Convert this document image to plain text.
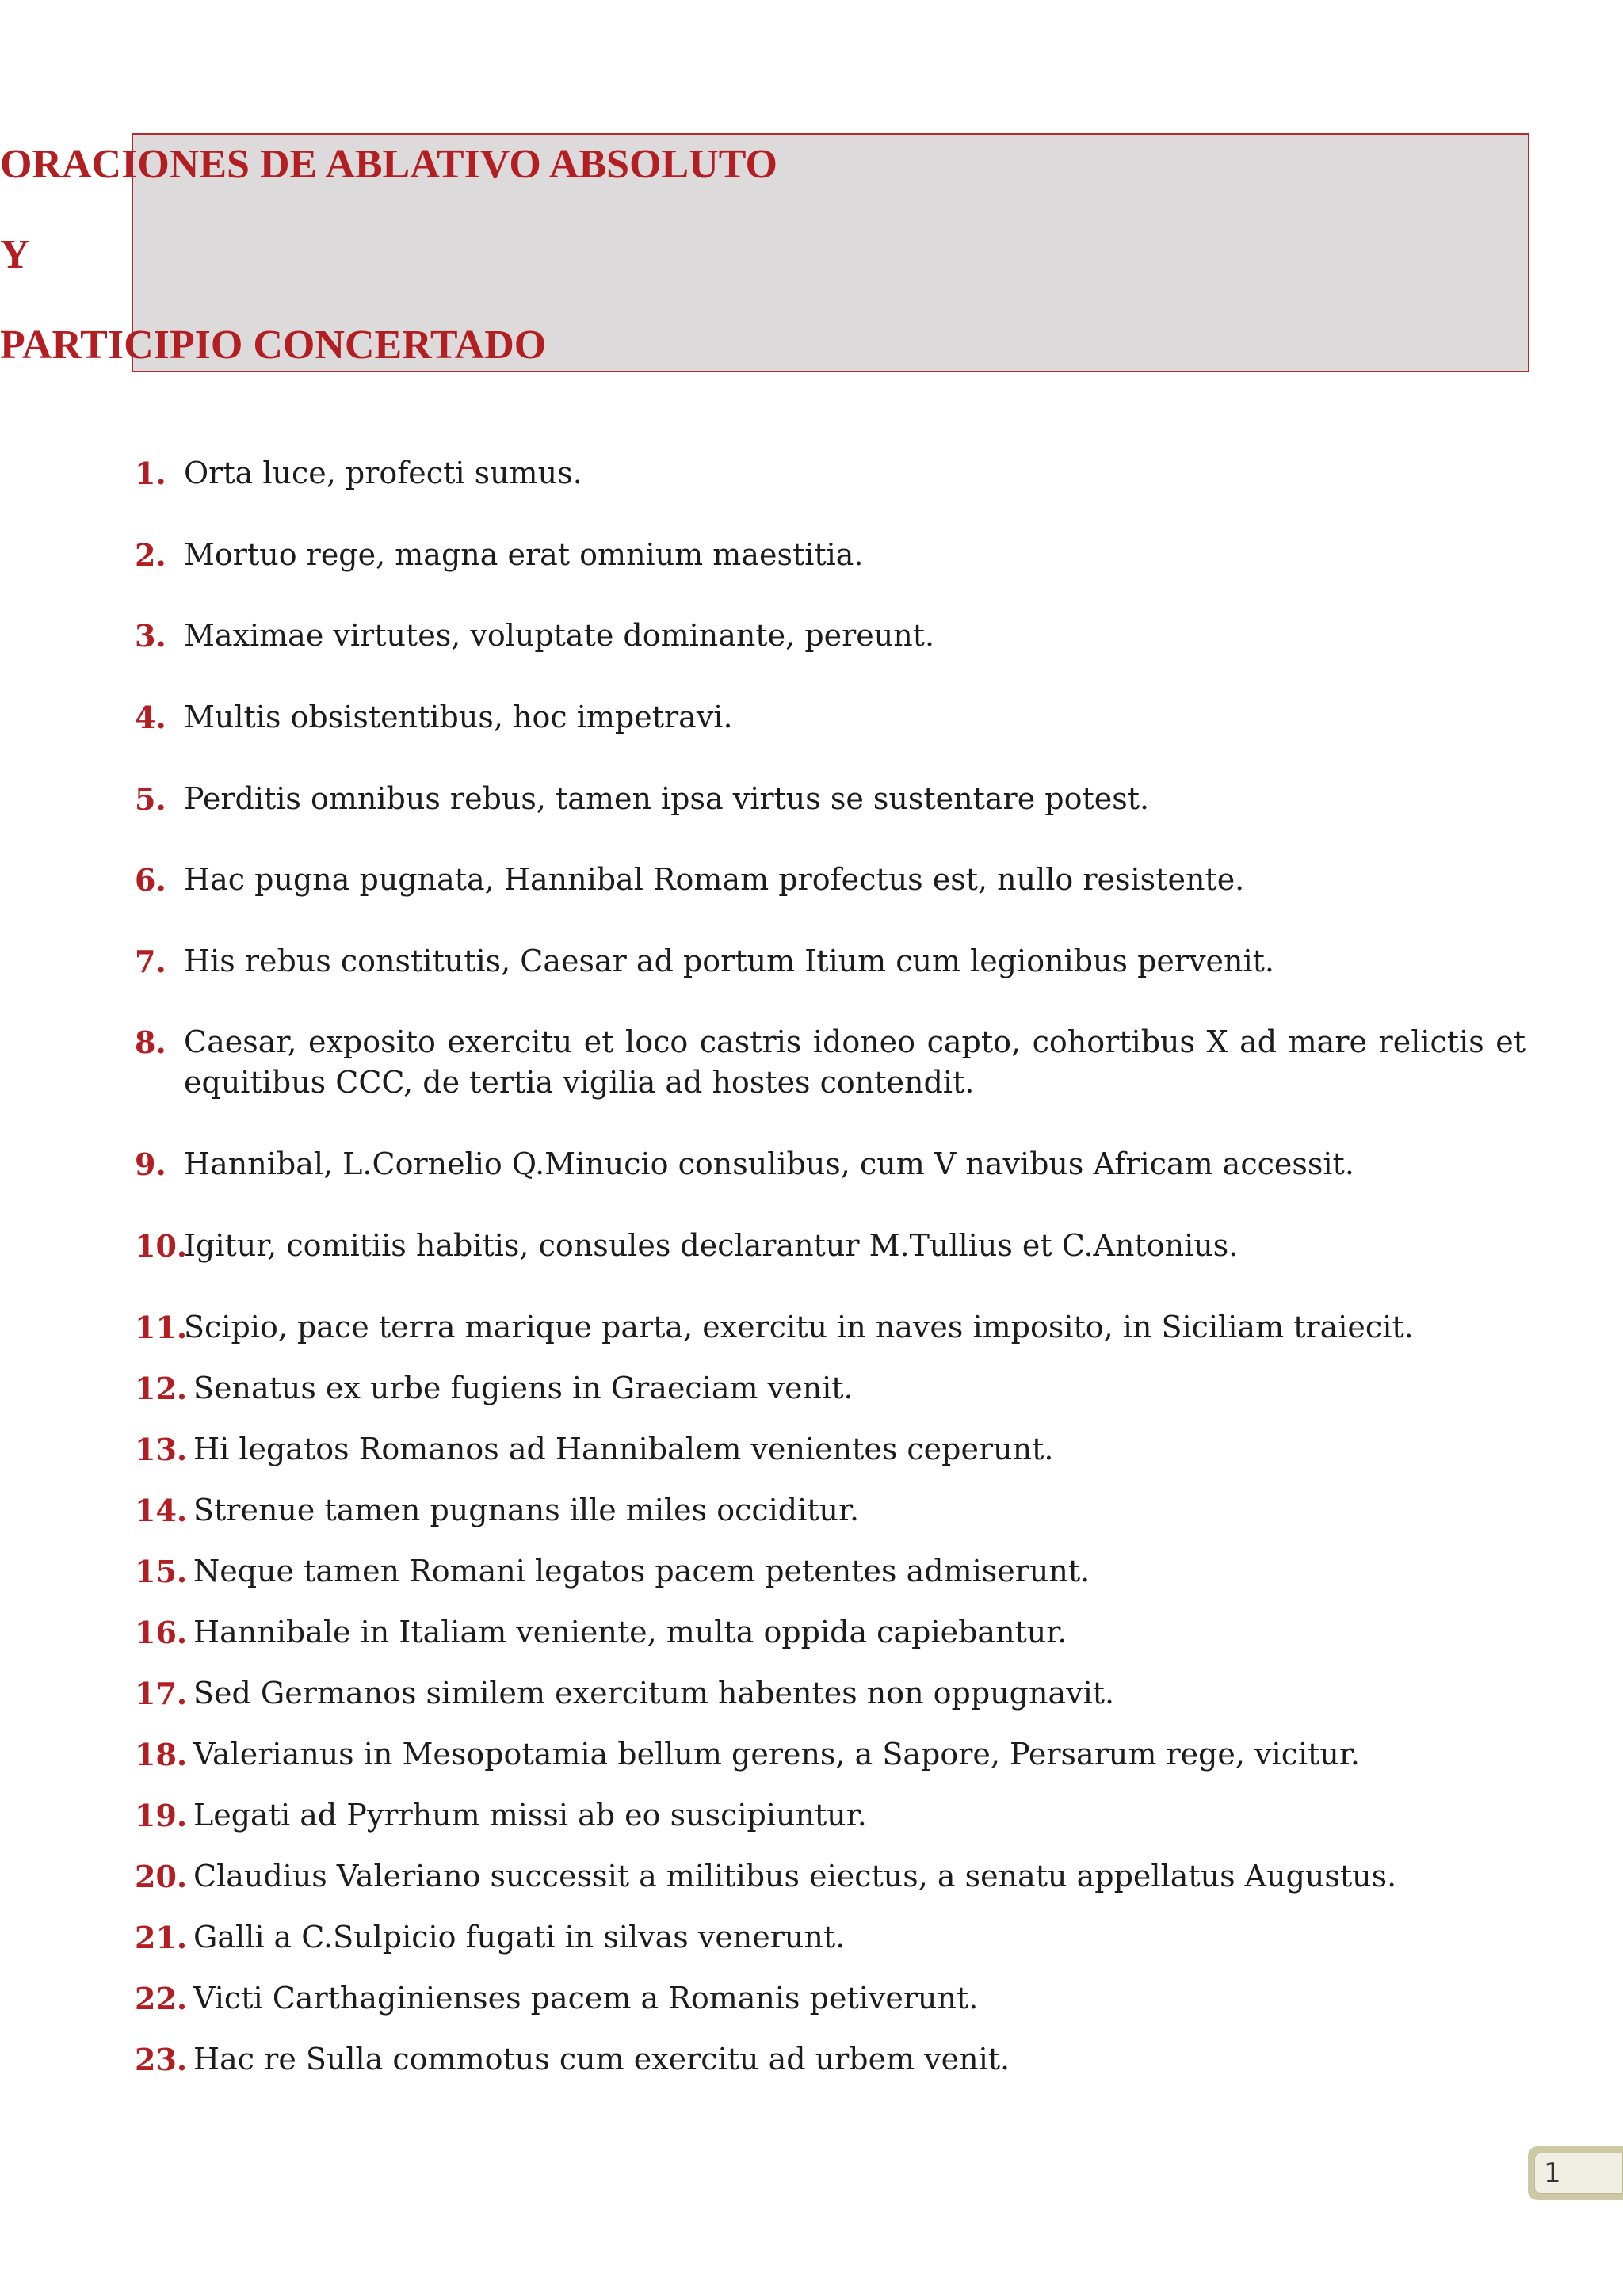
ORACIONES DE ABLATIVO ABSOLUTO
Y
PARTICIPIO CONCERTADO
1. Orta luce, profecti sumus.
2. Mortuo rege, magna erat omnium maestitia.
3. Maximae virtutes, voluptate dominante, pereunt.
4. Multis obsistentibus, hoc impetravi.
5. Perditis omnibus rebus, tamen ipsa virtus se sustentare potest.
6. Hac pugna pugnata, Hannibal Romam profectus est, nullo resistente.
7. His rebus constitutis, Caesar ad portum Itium cum legionibus pervenit.
8. Caesar, exposito exercitu et loco castris idoneo capto, cohortibus X ad mare relictis et equitibus CCC, de tertia vigilia ad hostes contendit.
9. Hannibal, L.Cornelio Q.Minucio consulibus, cum V navibus Africam accessit.
10.
Igitur, comitiis habitis, consules declarantur M.Tullius et C.Antonius.
11.
Scipio, pace terra marique parta, exercitu in naves imposito, in Siciliam traiecit.
12. Senatus ex urbe fugiens in Graeciam venit.
13. Hi legatos Romanos ad Hannibalem venientes ceperunt.
14. Strenue tamen pugnans ille miles occiditur.
15. Neque tamen Romani legatos pacem petentes admiserunt.
16. Hannibale in Italiam veniente, multa oppida capiebantur.
17. Sed Germanos similem exercitum habentes non oppugnavit.
18. Valerianus in Mesopotamia bellum gerens, a Sapore, Persarum rege, vicitur.
19. Legati ad Pyrrhum missi ab eo suscipiuntur.
20. Claudius Valeriano successit a militibus eiectus, a senatu appellatus Augustus.
21. Galli a C.Sulpicio fugati in silvas venerunt.
22. Victi Carthaginienses pacem a Romanis petiverunt.
23. Hac re Sulla commotus cum exercitu ad urbem venit.
1
